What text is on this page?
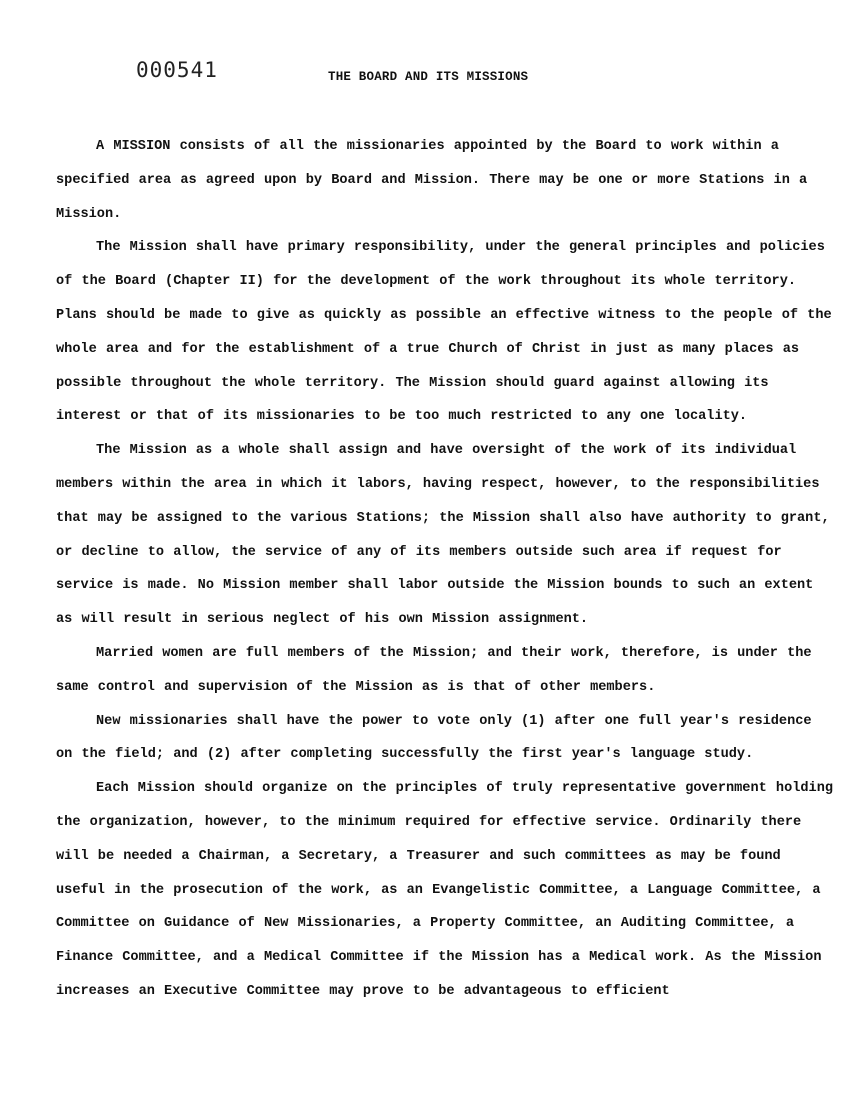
000541	THE BOARD AND ITS MISSIONS

A MISSION consists of all the missionaries appointed by the Board to work within a specified area as agreed upon by Board and Mission. There may be one or more Stations in a Mission.

The Mission shall have primary responsibility, under the general principles and policies of the Board (Chapter II) for the development of the work throughout its whole territory. Plans should be made to give as quickly as possible an effective witness to the people of the whole area and for the establishment of a true Church of Christ in just as many places as possible throughout the whole territory. The Mission should guard against allowing its interest or that of its missionaries to be too much restricted to any one locality.

The Mission as a whole shall assign and have oversight of the work of its individual members within the area in which it labors, having respect, however, to the responsibilities that may be assigned to the various Stations; the Mission shall also have authority to grant, or decline to allow, the service of any of its members outside such area if request for service is made. No Mission member shall labor outside the Mission bounds to such an extent as will result in serious neglect of his own Mission assignment.

Married women are full members of the Mission; and their work, therefore, is under the same control and supervision of the Mission as is that of other members.

New missionaries shall have the power to vote only (1) after one full year's residence on the field; and (2) after completing successfully the first year's language study.

Each Mission should organize on the principles of truly representative government holding the organization, however, to the minimum required for effective service. Ordinarily there will be needed a Chairman, a Secretary, a Treasurer and such committees as may be found useful in the prosecution of the work, as an Evangelistic Committee, a Language Committee, a Committee on Guidance of New Missionaries, a Property Committee, an Auditing Committee, a Finance Committee, and a Medical Committee if the Mission has a Medical work. As the Mission increases an Executive Committee may prove to be advantageous to efficient
